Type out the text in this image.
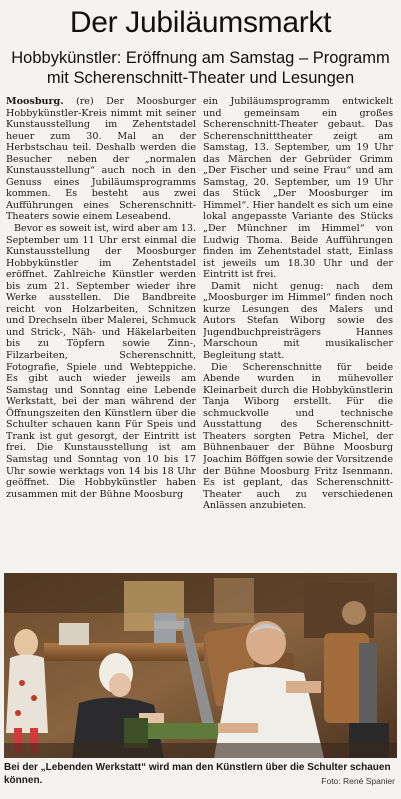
Der Jubiläumsmarkt
Hobbykünstler: Eröffnung am Samstag – Programm mit Scherenschnitt-Theater und Lesungen

Moosburg. (re) Der Moosburger Hobbykünstler-Kreis nimmt mit seiner Kunstausstellung im Zehentstadel heuer zum 30. Mal an der Herbstschau teil. Deshalb werden die Besucher neben der „normalen Kunstausstellung“ auch noch in den Genuss eines Jubiläumsprogramms kommen. Es besteht aus zwei Aufführungen eines Scherenschnitt-Theaters sowie einem Leseabend.

Bevor es soweit ist, wird aber am 13. September um 11 Uhr erst einmal die Kunstausstellung der Moosburger Hobbykünstler im Zehentstadel eröffnet. Zahlreiche Künstler werden bis zum 21. September wieder ihre Werke ausstellen. Die Bandbreite reicht von Holzarbeiten, Schnitzen und Drechseln über Malerei, Schmuck und Strick-, Näh- und Häkelarbeiten bis zu Töpfern sowie Zinn-, Filzarbeiten, Scherenschnitt, Fotografie, Spiele und Webteppiche. Es gibt auch wieder jeweils am Samstag und Sonntag eine Lebende Werkstatt, bei der man während der Öffnungszeiten den Künstlern über die Schulter schauen kann Für Speis und Trank ist gut gesorgt, der Eintritt ist frei. Die Kunstausstellung ist am Samstag und Sonntag von 10 bis 17 Uhr sowie werktags von 14 bis 18 Uhr geöffnet. Die Hobbykünstler haben zusammen mit der Bühne Moosburg

ein Jubiläumsprogramm entwickelt und gemeinsam ein großes Scherenschnitt-Theater gebaut. Das Scherenschnitttheater zeigt am Samstag, 13. September, um 19 Uhr das Märchen der Gebrüder Grimm „Der Fischer und seine Frau“ und am Samstag, 20. September, um 19 Uhr das Stück „Der Moosburger im Himmel“. Hier handelt es sich um eine lokal angepasste Variante des Stücks „Der Münchner im Himmel“ von Ludwig Thoma. Beide Aufführungen finden im Zehentstadel statt, Einlass ist jeweils um 18.30 Uhr und der Eintritt ist frei.

Damit nicht genug: nach dem „Moosburger im Himmel“ finden noch kurze Lesungen des Malers und Autors Stefan Wiborg sowie des Jugendbuchpreisträgers Hannes Marschoun mit musikalischer Begleitung statt.

Die Scherenschnitte für beide Abende wurden in mühevoller Kleinarbeit durch die Hobbykünstlerin Tanja Wiborg erstellt. Für die schmuckvolle und technische Ausstattung des Scherenschnitt-Theaters sorgten Petra Michel, der Bühnenbauer der Bühne Moosburg Joachim Böffgen sowie der Vorsitzende der Bühne Moosburg Fritz Isenmann. Es ist geplant, das Scherenschnitt-Theater auch zu verschiedenen Anlässen anzubieten.

Bei der „Lebenden Werkstatt“ wird man den Künstlern über die Schulter schauen können.	Foto: René Spanier
